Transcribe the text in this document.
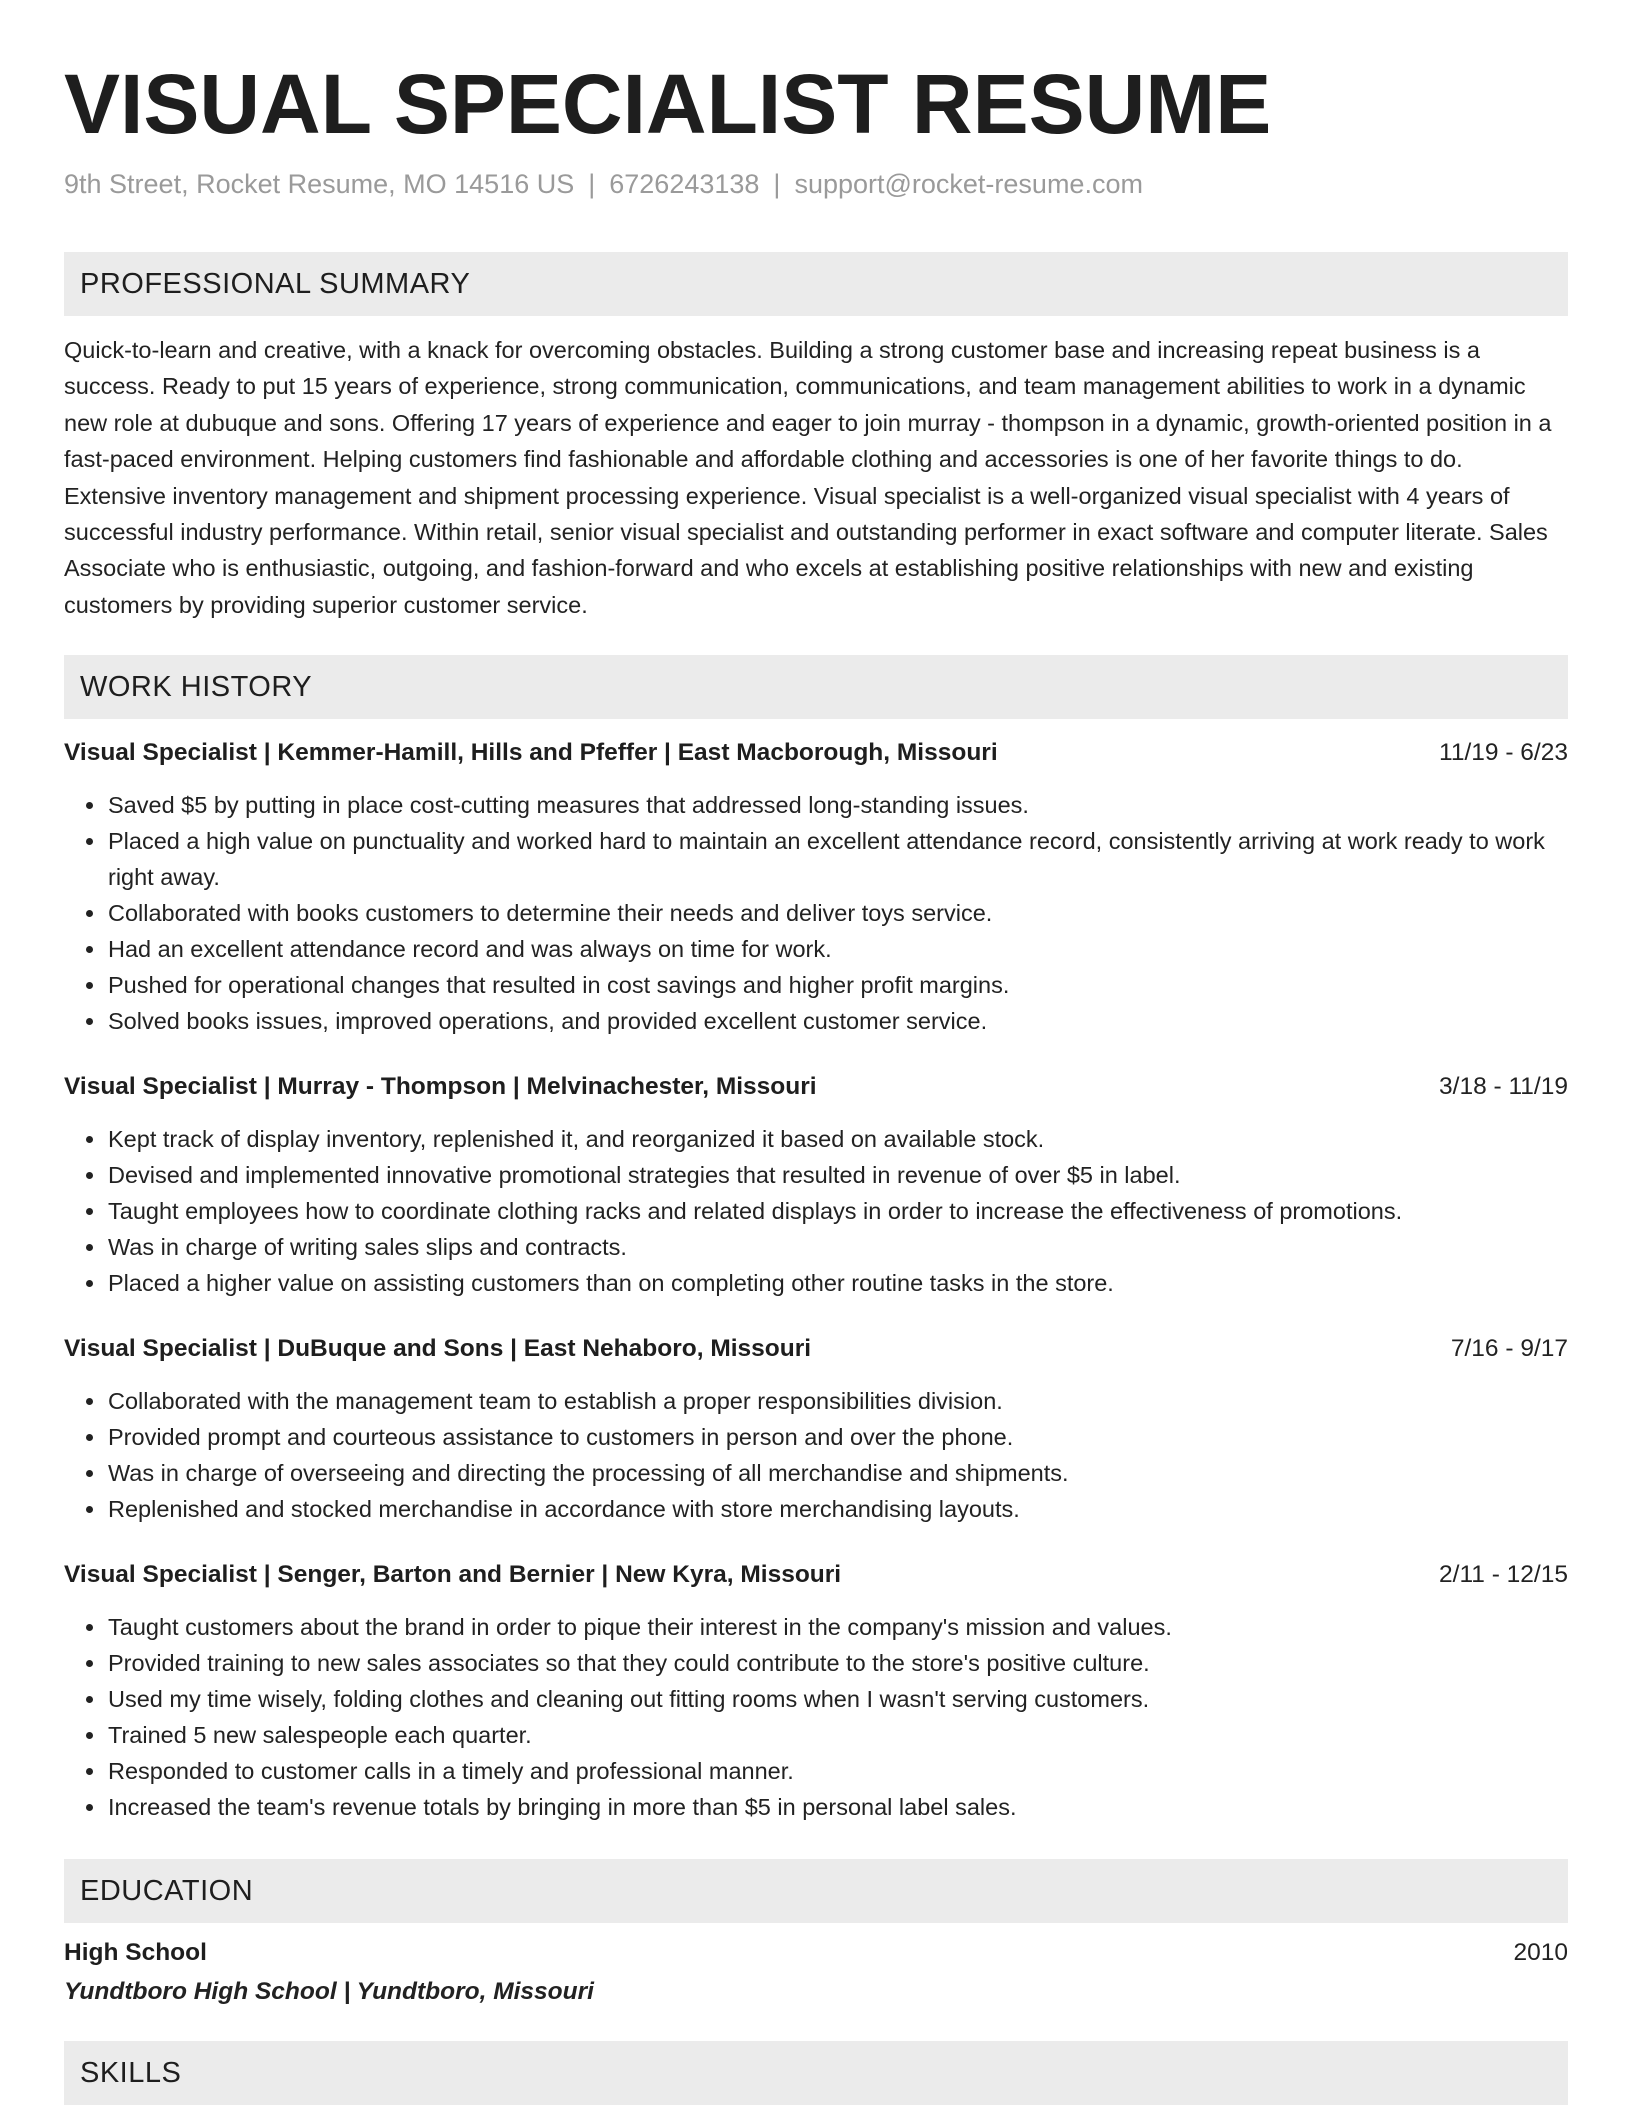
VISUAL SPECIALIST RESUME
9th Street, Rocket Resume, MO 14516 US | 6726243138 | support@rocket-resume.com
PROFESSIONAL SUMMARY
Quick-to-learn and creative, with a knack for overcoming obstacles. Building a strong customer base and increasing repeat business is a success. Ready to put 15 years of experience, strong communication, communications, and team management abilities to work in a dynamic new role at dubuque and sons. Offering 17 years of experience and eager to join murray - thompson in a dynamic, growth-oriented position in a fast-paced environment. Helping customers find fashionable and affordable clothing and accessories is one of her favorite things to do. Extensive inventory management and shipment processing experience. Visual specialist is a well-organized visual specialist with 4 years of successful industry performance. Within retail, senior visual specialist and outstanding performer in exact software and computer literate. Sales Associate who is enthusiastic, outgoing, and fashion-forward and who excels at establishing positive relationships with new and existing customers by providing superior customer service.
WORK HISTORY
Visual Specialist | Kemmer-Hamill, Hills and Pfeffer | East Macborough, Missouri	11/19 - 6/23
• Saved $5 by putting in place cost-cutting measures that addressed long-standing issues.
• Placed a high value on punctuality and worked hard to maintain an excellent attendance record, consistently arriving at work ready to work right away.
• Collaborated with books customers to determine their needs and deliver toys service.
• Had an excellent attendance record and was always on time for work.
• Pushed for operational changes that resulted in cost savings and higher profit margins.
• Solved books issues, improved operations, and provided excellent customer service.
Visual Specialist | Murray - Thompson | Melvinachester, Missouri	3/18 - 11/19
• Kept track of display inventory, replenished it, and reorganized it based on available stock.
• Devised and implemented innovative promotional strategies that resulted in revenue of over $5 in label.
• Taught employees how to coordinate clothing racks and related displays in order to increase the effectiveness of promotions.
• Was in charge of writing sales slips and contracts.
• Placed a higher value on assisting customers than on completing other routine tasks in the store.
Visual Specialist | DuBuque and Sons | East Nehaboro, Missouri	7/16 - 9/17
• Collaborated with the management team to establish a proper responsibilities division.
• Provided prompt and courteous assistance to customers in person and over the phone.
• Was in charge of overseeing and directing the processing of all merchandise and shipments.
• Replenished and stocked merchandise in accordance with store merchandising layouts.
Visual Specialist | Senger, Barton and Bernier | New Kyra, Missouri	2/11 - 12/15
• Taught customers about the brand in order to pique their interest in the company's mission and values.
• Provided training to new sales associates so that they could contribute to the store's positive culture.
• Used my time wisely, folding clothes and cleaning out fitting rooms when I wasn't serving customers.
• Trained 5 new salespeople each quarter.
• Responded to customer calls in a timely and professional manner.
• Increased the team's revenue totals by bringing in more than $5 in personal label sales.
EDUCATION
High School	2010
Yundtboro High School | Yundtboro, Missouri
SKILLS
